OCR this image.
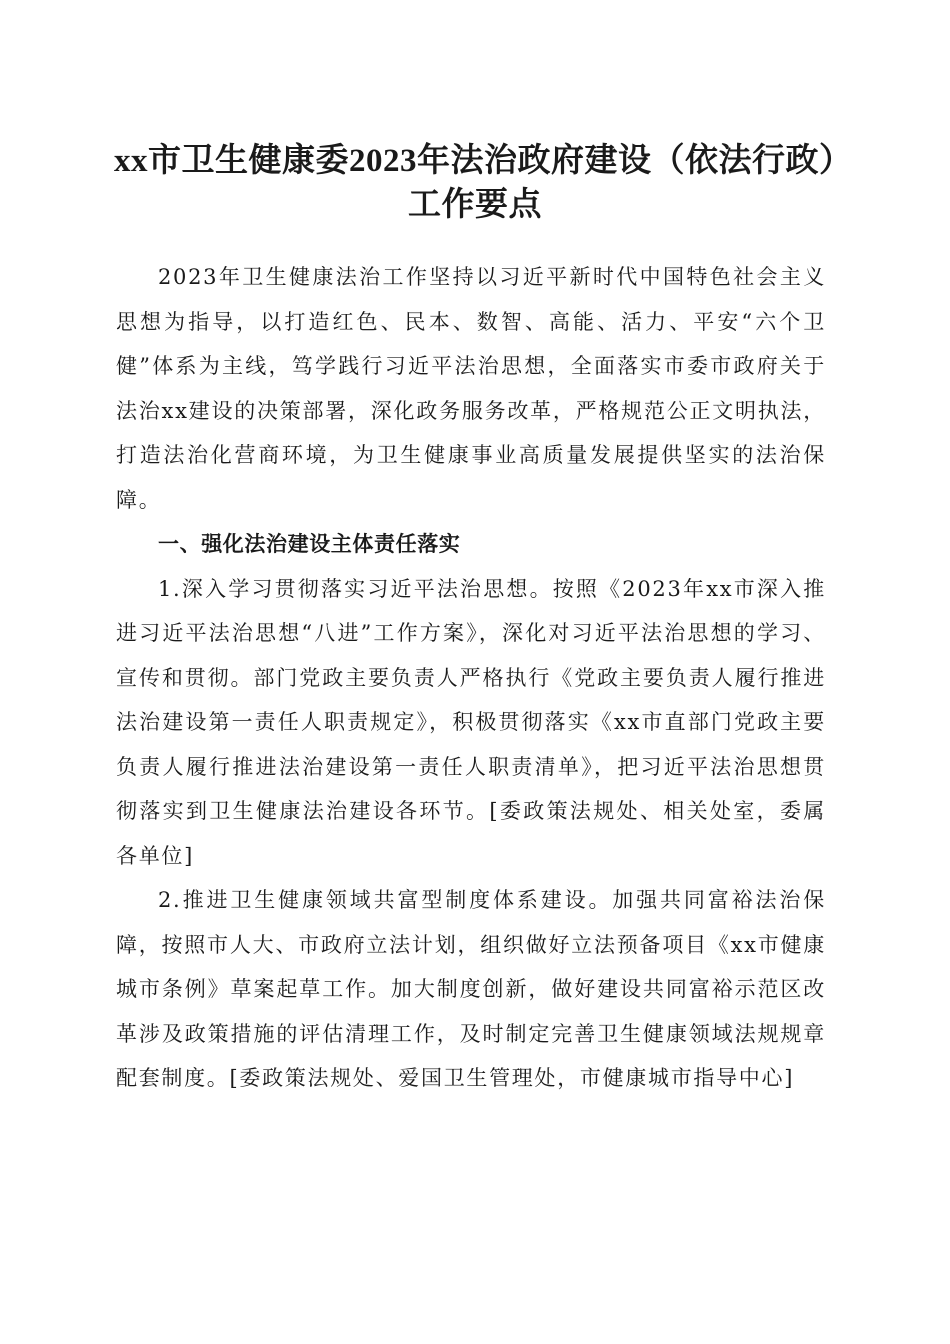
xx市卫生健康委2023年法治政府建设（依法行政）工作要点

2023年卫生健康法治工作坚持以习近平新时代中国特色社会主义思想为指导，以打造红色、民本、数智、高能、活力、平安“六个卫健”体系为主线，笃学践行习近平法治思想，全面落实市委市政府关于法治xx建设的决策部署，深化政务服务改革，严格规范公正文明执法，打造法治化营商环境，为卫生健康事业高质量发展提供坚实的法治保障。

一、强化法治建设主体责任落实

1.深入学习贯彻落实习近平法治思想。按照《2023年xx市深入推进习近平法治思想“八进”工作方案》，深化对习近平法治思想的学习、宣传和贯彻。部门党政主要负责人严格执行《党政主要负责人履行推进法治建设第一责任人职责规定》，积极贯彻落实《xx市直部门党政主要负责人履行推进法治建设第一责任人职责清单》，把习近平法治思想贯彻落实到卫生健康法治建设各环节。[委政策法规处、相关处室，委属各单位]

2.推进卫生健康领域共富型制度体系建设。加强共同富裕法治保障，按照市人大、市政府立法计划，组织做好立法预备项目《xx市健康城市条例》草案起草工作。加大制度创新，做好建设共同富裕示范区改革涉及政策措施的评估清理工作，及时制定完善卫生健康领域法规规章配套制度。[委政策法规处、爱国卫生管理处，市健康城市指导中心]
